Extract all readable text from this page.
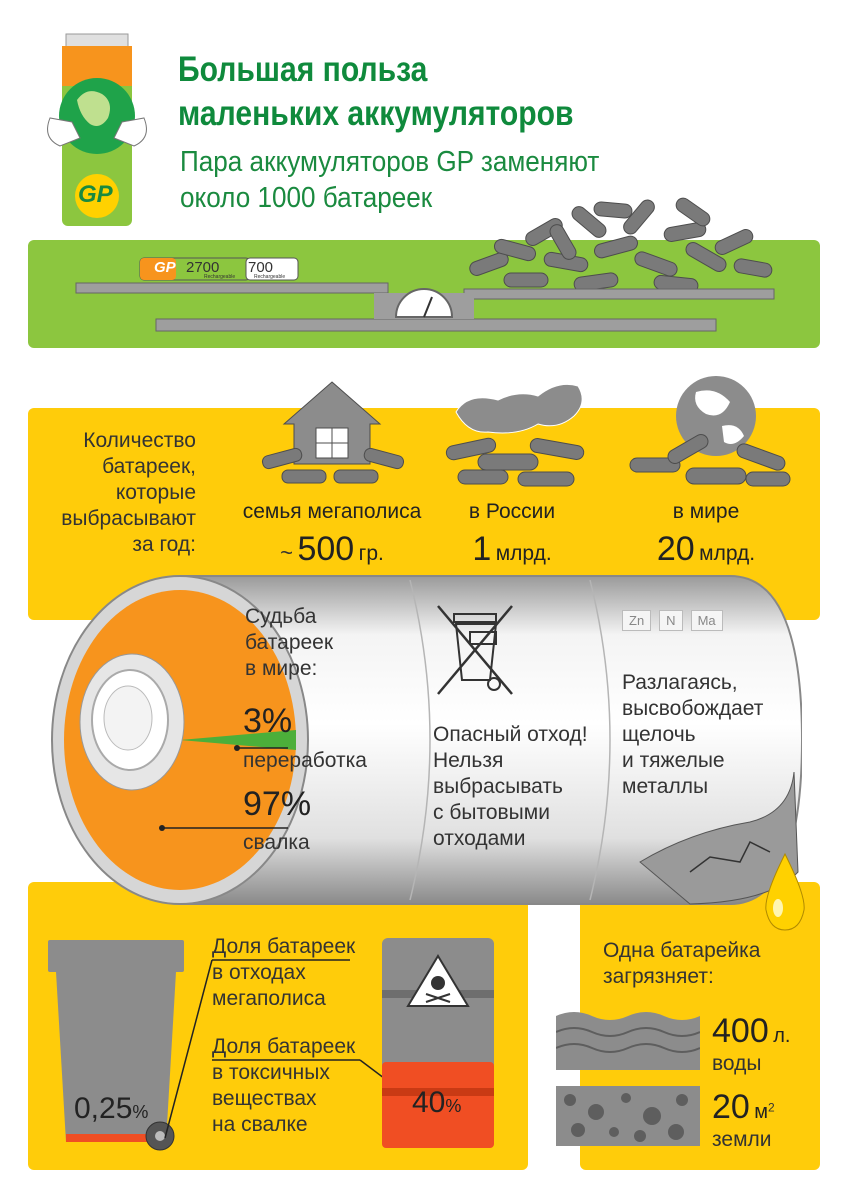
GP
Большая польза
маленьких аккумуляторов
Пара аккумуляторов GP заменяют
около 1000 батареек
GP 2700
Rechargeable
700
Rechargeable
Количество
батареек,
которые
выбрасывают
за год:
семья мегаполиса
~ 500 гр.
в России
1 млрд.
в мире
20 млрд.
Судьба
батареек
в мире:
3%
переработка
97%
свалка
Опасный отход!
Нельзя
выбрасывать
с бытовыми
отходами
Zn	N	Ma
Разлагаясь,
высвобождает
щелочь
и тяжелые
металлы
0,25%
Доля батареек
в отходах
мегаполиса
40%
Доля батареек
в токсичных
веществах
на свалке
Одна батарейка
загрязняет:
400 л.
воды
20 $м^2$
земли
